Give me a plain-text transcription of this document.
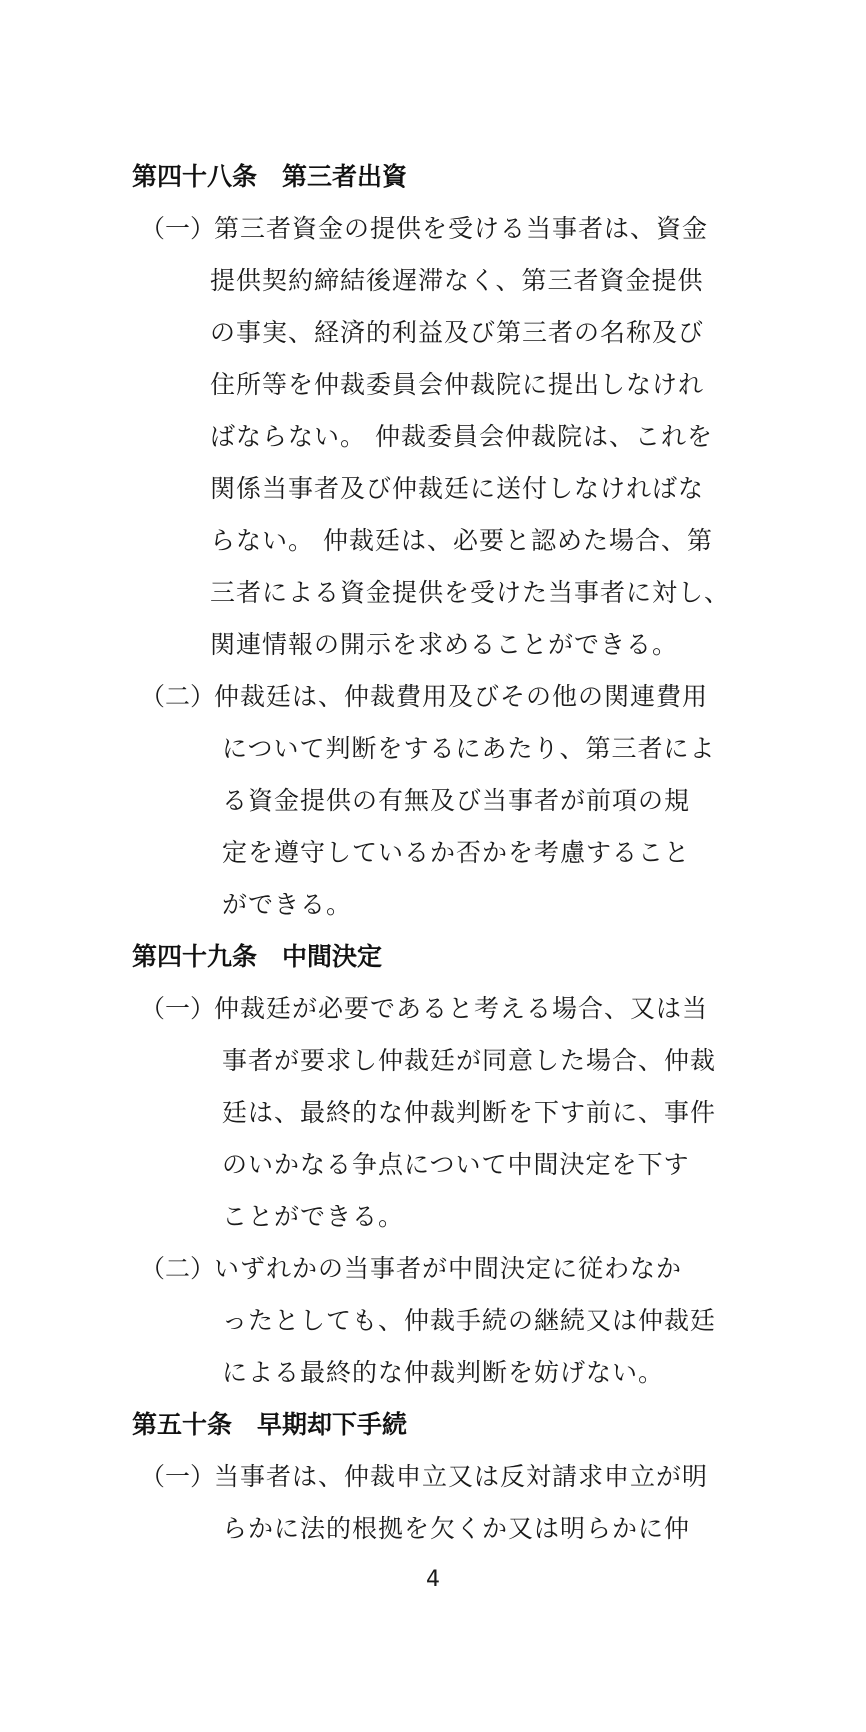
第四十八条　第三者出資
（一）
第三者資金の提供を受ける当事者は、資金
提供契約締結後遅滞なく、第三者資金提供
の事実、経済的利益及び第三者の名称及び
住所等を仲裁委員会仲裁院に提出しなけれ
ばならない。 仲裁委員会仲裁院は、これを
関係当事者及び仲裁廷に送付しなければな
らない。 仲裁廷は、必要と認めた場合、第
三者による資金提供を受けた当事者に対し、
関連情報の開示を求めることができる。
（二）
仲裁廷は、仲裁費用及びその他の関連費用
について判断をするにあたり、第三者によ
る資金提供の有無及び当事者が前項の規
定を遵守しているか否かを考慮すること
ができる。
第四十九条　中間決定
（一）
仲裁廷が必要であると考える場合、又は当
事者が要求し仲裁廷が同意した場合、仲裁
廷は、最終的な仲裁判断を下す前に、事件
のいかなる争点について中間決定を下す
ことができる。
（二）
いずれかの当事者が中間決定に従わなか
ったとしても、仲裁手続の継続又は仲裁廷
による最終的な仲裁判断を妨げない。
第五十条　早期却下手続
（一）
当事者は、仲裁申立又は反対請求申立が明
らかに法的根拠を欠くか又は明らかに仲
4
